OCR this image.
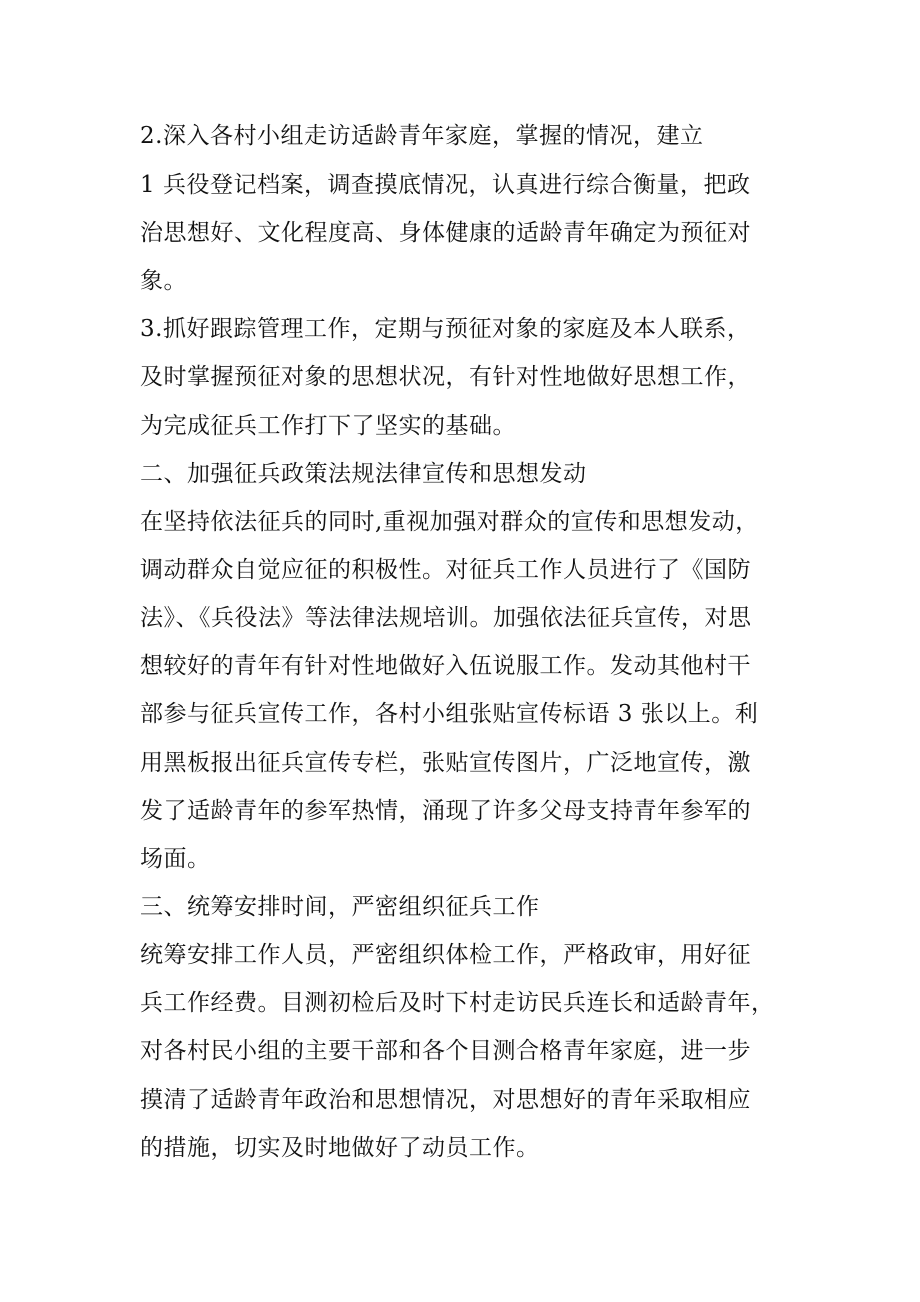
2.深入各村小组走访适龄青年家庭，掌握的情况，建立
1 兵役登记档案，调查摸底情况，认真进行综合衡量，把政
治思想好、文化程度高、身体健康的适龄青年确定为预征对
象。
3.抓好跟踪管理工作，定期与预征对象的家庭及本人联系，
及时掌握预征对象的思想状况，有针对性地做好思想工作，
为完成征兵工作打下了坚实的基础。
二、加强征兵政策法规法律宣传和思想发动
在坚持依法征兵的同时,重视加强对群众的宣传和思想发动，
调动群众自觉应征的积极性。对征兵工作人员进行了《国防
法》、《兵役法》等法律法规培训。加强依法征兵宣传，对思
想较好的青年有针对性地做好入伍说服工作。发动其他村干
部参与征兵宣传工作，各村小组张贴宣传标语 3 张以上。利
用黑板报出征兵宣传专栏，张贴宣传图片，广泛地宣传，激
发了适龄青年的参军热情，涌现了许多父母支持青年参军的
场面。
三、统筹安排时间，严密组织征兵工作
统筹安排工作人员，严密组织体检工作，严格政审，用好征
兵工作经费。目测初检后及时下村走访民兵连长和适龄青年，
对各村民小组的主要干部和各个目测合格青年家庭，进一步
摸清了适龄青年政治和思想情况，对思想好的青年采取相应
的措施，切实及时地做好了动员工作。
